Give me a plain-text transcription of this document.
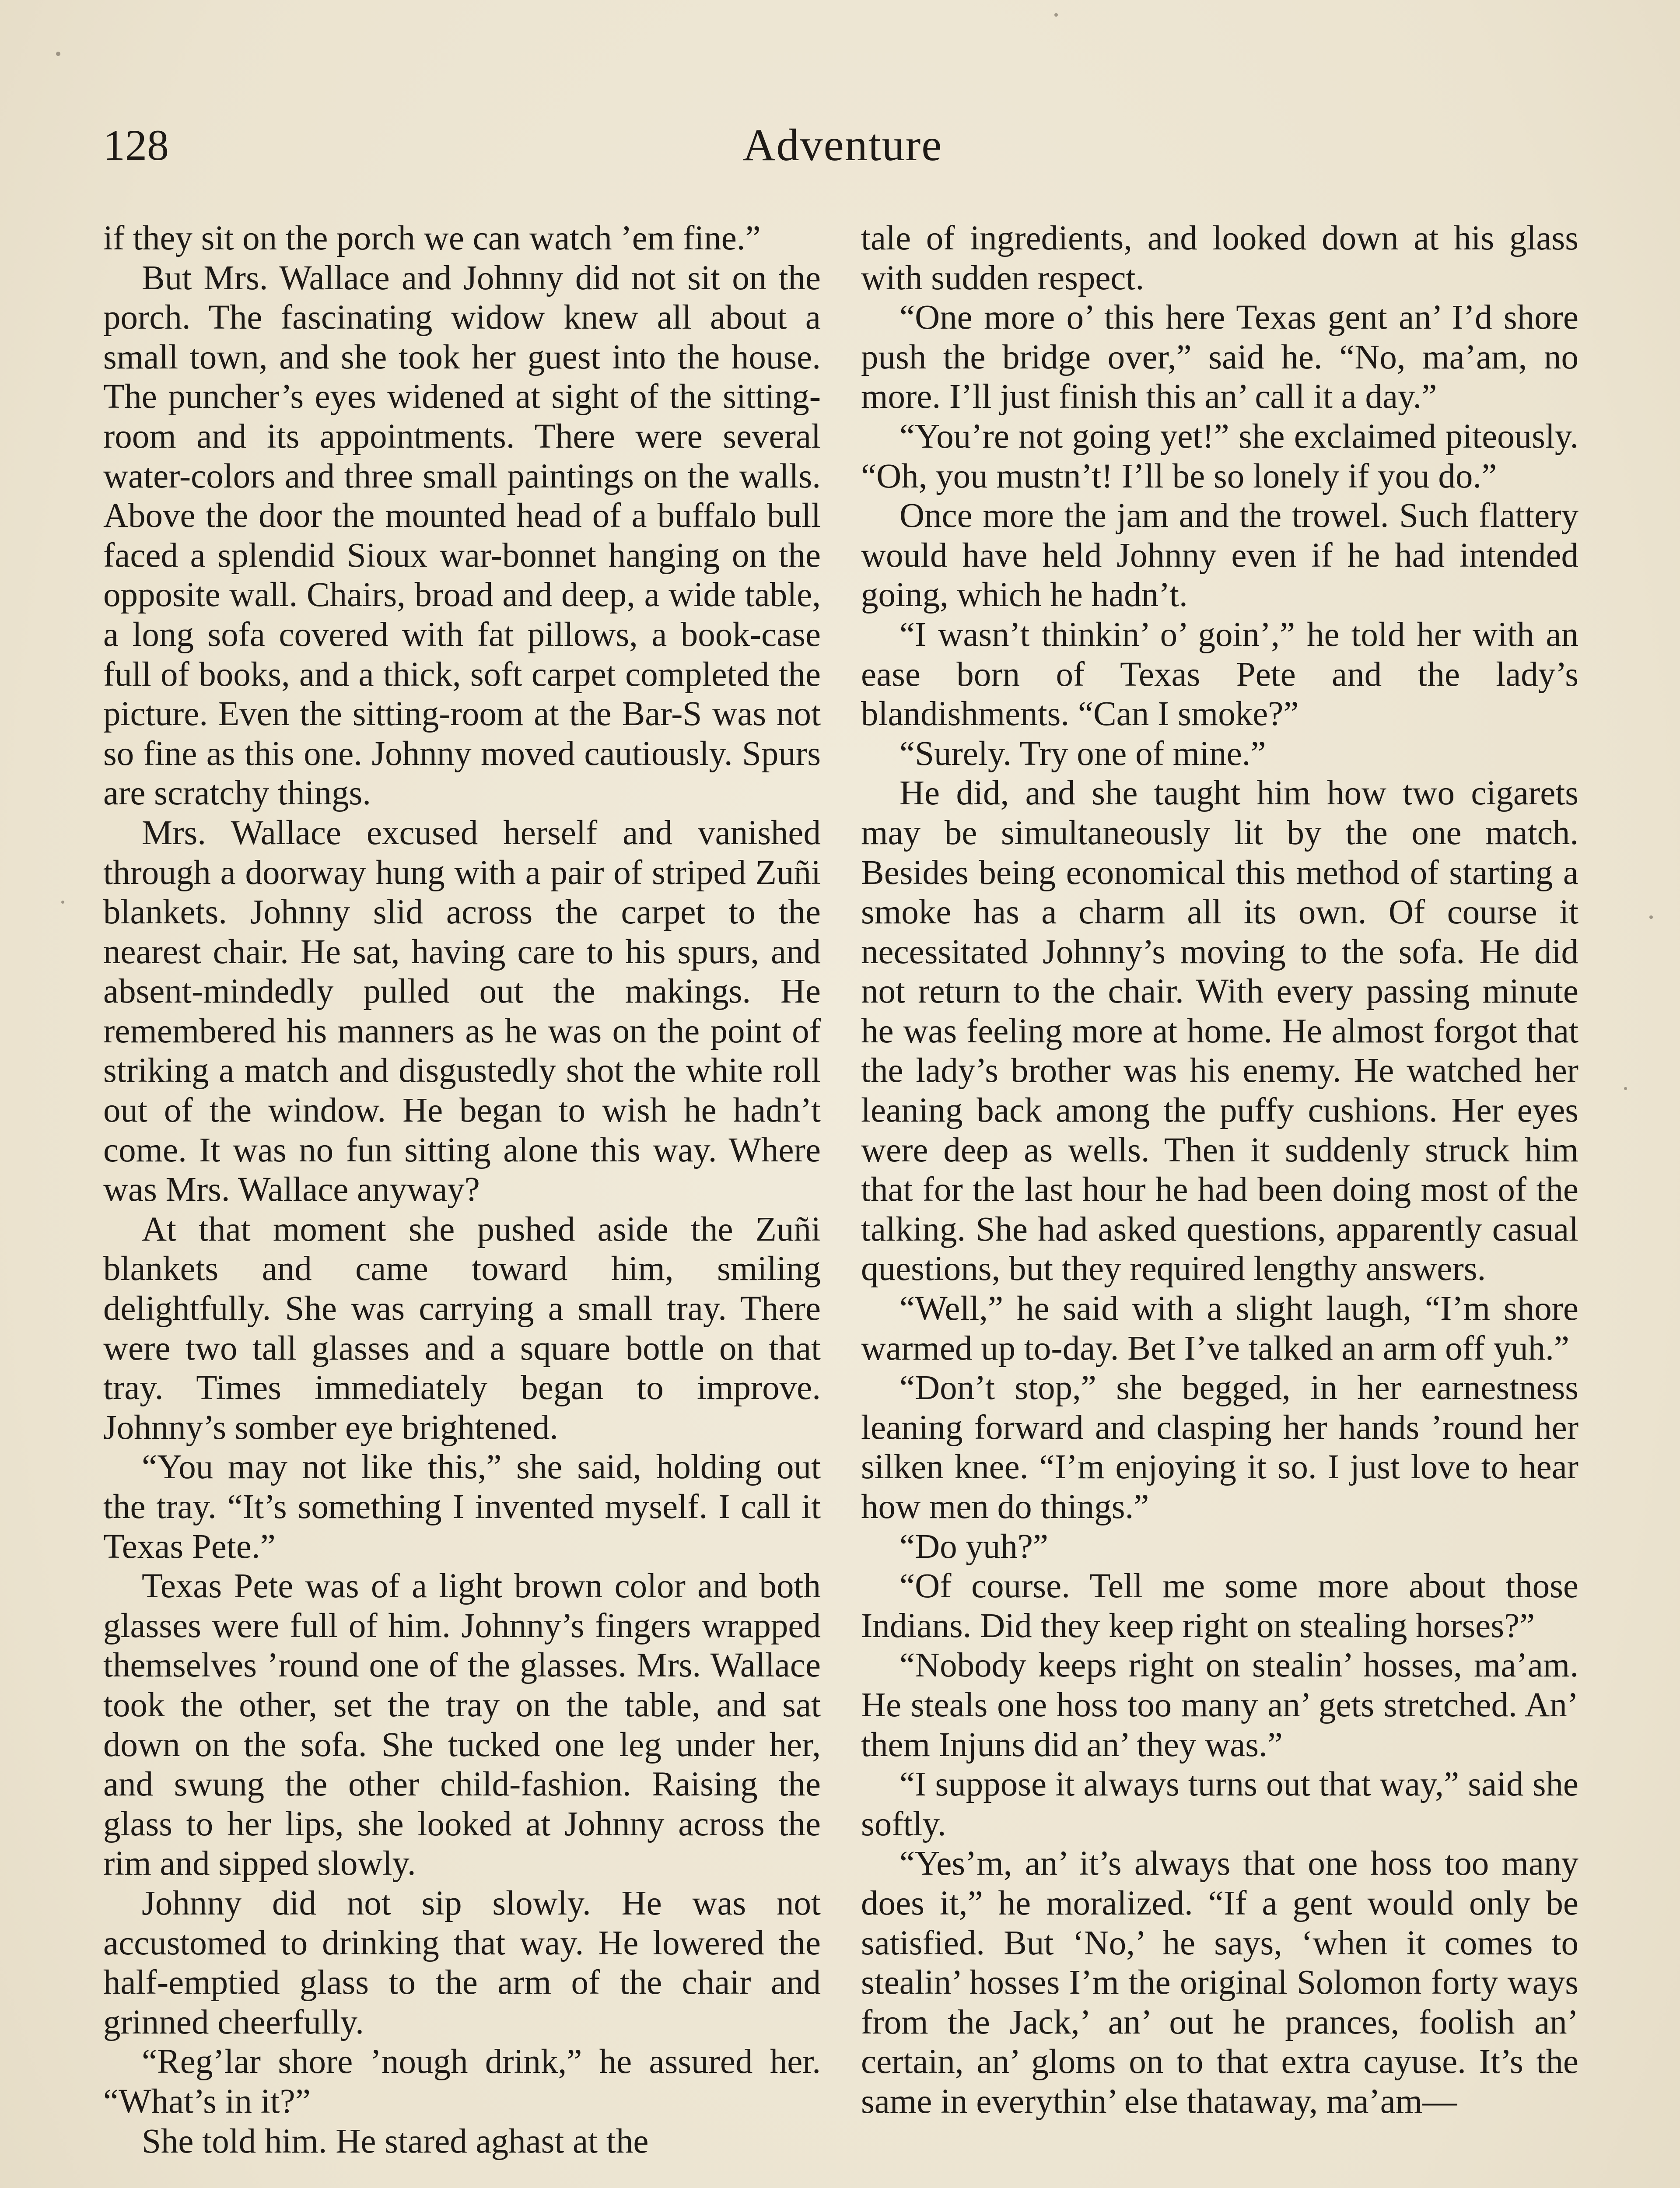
128	Adventure

if they sit on the porch we can watch ’em fine.”

But Mrs. Wallace and Johnny did not sit on the porch. The fascinating widow knew all about a small town, and she took her guest into the house. The puncher’s eyes widened at sight of the sitting-room and its appointments. There were several water-colors and three small paintings on the walls. Above the door the mounted head of a buffalo bull faced a splendid Sioux war-bonnet hanging on the opposite wall. Chairs, broad and deep, a wide table, a long sofa covered with fat pillows, a book-case full of books, and a thick, soft carpet completed the picture. Even the sitting-room at the Bar-S was not so fine as this one. Johnny moved cautiously. Spurs are scratchy things.

Mrs. Wallace excused herself and vanished through a doorway hung with a pair of striped Zuñi blankets. Johnny slid across the carpet to the nearest chair. He sat, having care to his spurs, and absent-mindedly pulled out the makings. He remembered his manners as he was on the point of striking a match and disgustedly shot the white roll out of the window. He began to wish he hadn’t come. It was no fun sitting alone this way. Where was Mrs. Wallace anyway?

At that moment she pushed aside the Zuñi blankets and came toward him, smiling delightfully. She was carrying a small tray. There were two tall glasses and a square bottle on that tray. Times immediately began to improve. Johnny’s somber eye brightened.

“You may not like this,” she said, holding out the tray. “It’s something I invented myself. I call it Texas Pete.”

Texas Pete was of a light brown color and both glasses were full of him. Johnny’s fingers wrapped themselves ’round one of the glasses. Mrs. Wallace took the other, set the tray on the table, and sat down on the sofa. She tucked one leg under her, and swung the other child-fashion. Raising the glass to her lips, she looked at Johnny across the rim and sipped slowly.

Johnny did not sip slowly. He was not accustomed to drinking that way. He lowered the half-emptied glass to the arm of the chair and grinned cheerfully.

“Reg’lar shore ’nough drink,” he assured her. “What’s in it?”

She told him. He stared aghast at the

tale of ingredients, and looked down at his glass with sudden respect.

“One more o’ this here Texas gent an’ I’d shore push the bridge over,” said he. “No, ma’am, no more. I’ll just finish this an’ call it a day.”

“You’re not going yet!” she exclaimed piteously. “Oh, you mustn’t! I’ll be so lonely if you do.”

Once more the jam and the trowel. Such flattery would have held Johnny even if he had intended going, which he hadn’t.

“I wasn’t thinkin’ o’ goin’,” he told her with an ease born of Texas Pete and the lady’s blandishments. “Can I smoke?”

“Surely. Try one of mine.”

He did, and she taught him how two cigarets may be simultaneously lit by the one match. Besides being economical this method of starting a smoke has a charm all its own. Of course it necessitated Johnny’s moving to the sofa. He did not return to the chair. With every passing minute he was feeling more at home. He almost forgot that the lady’s brother was his enemy. He watched her leaning back among the puffy cushions. Her eyes were deep as wells. Then it suddenly struck him that for the last hour he had been doing most of the talking. She had asked questions, apparently casual questions, but they required lengthy answers.

“Well,” he said with a slight laugh, “I’m shore warmed up to-day. Bet I’ve talked an arm off yuh.”

“Don’t stop,” she begged, in her earnestness leaning forward and clasping her hands ’round her silken knee. “I’m enjoying it so. I just love to hear how men do things.”

“Do yuh?”

“Of course. Tell me some more about those Indians. Did they keep right on stealing horses?”

“Nobody keeps right on stealin’ hosses, ma’am. He steals one hoss too many an’ gets stretched. An’ them Injuns did an’ they was.”

“I suppose it always turns out that way,” said she softly.

“Yes’m, an’ it’s always that one hoss too many does it,” he moralized. “If a gent would only be satisfied. But ‘No,’ he says, ‘when it comes to stealin’ hosses I’m the original Solomon forty ways from the Jack,’ an’ out he prances, foolish an’ certain, an’ gloms on to that extra cayuse. It’s the same in everythin’ else thataway, ma’am—
